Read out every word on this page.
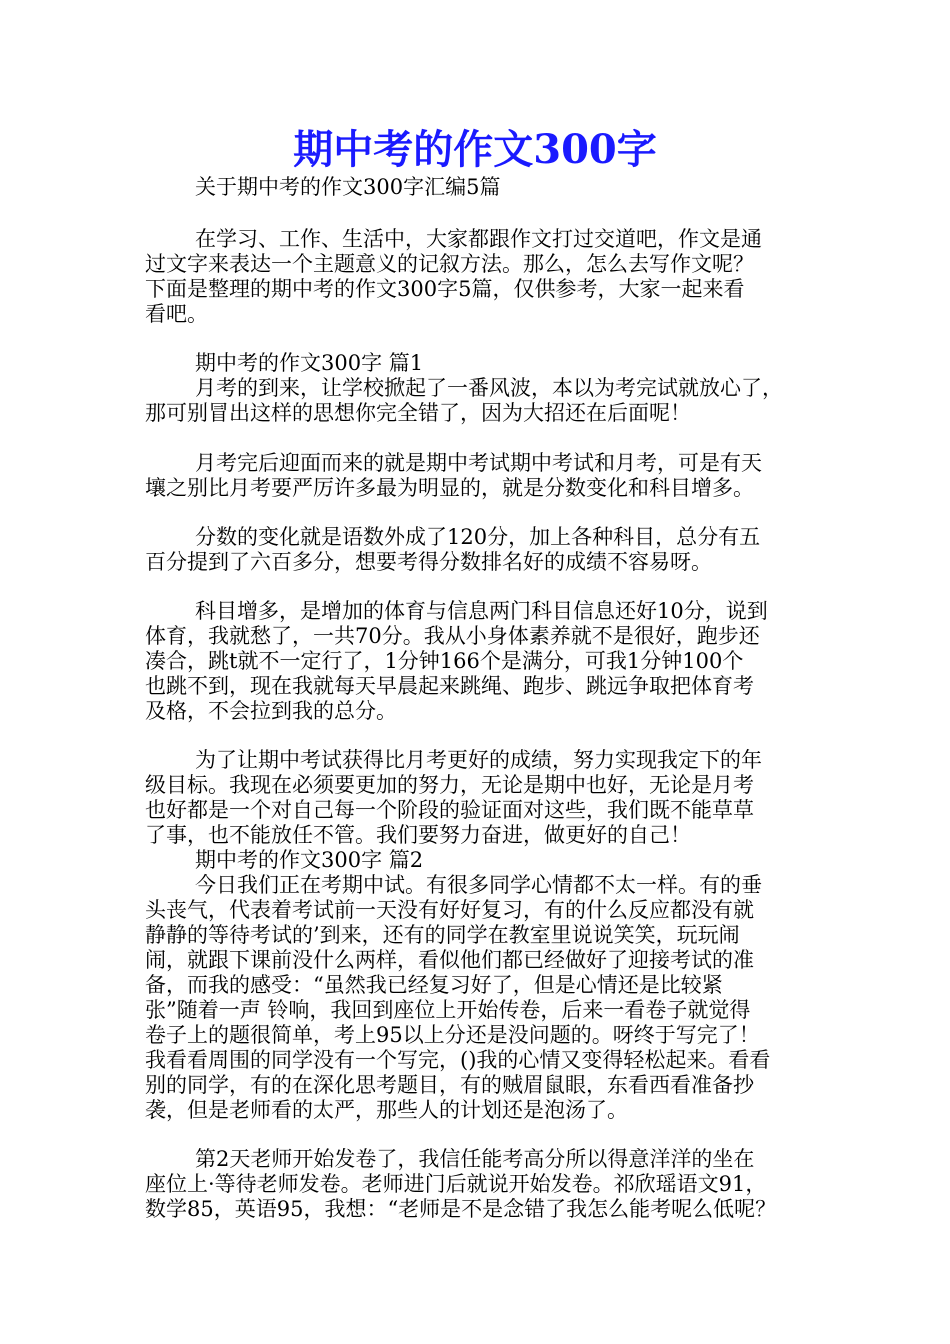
期中考的作文300字
关于期中考的作文300字汇编5篇
在学习、工作、生活中，大家都跟作文打过交道吧，作文是通
过文字来表达一个主题意义的记叙方法。那么，怎么去写作文呢？
下面是整理的期中考的作文300字5篇，仅供参考，大家一起来看
看吧。
期中考的作文300字 篇1
月考的到来，让学校掀起了一番风波，本以为考完试就放心了，
那可别冒出这样的思想你完全错了，因为大招还在后面呢！
月考完后迎面而来的就是期中考试期中考试和月考，可是有天
壤之别比月考要严厉许多最为明显的，就是分数变化和科目增多。
分数的变化就是语数外成了120分，加上各种科目，总分有五
百分提到了六百多分，想要考得分数排名好的成绩不容易呀。
科目增多，是增加的体育与信息两门科目信息还好10分，说到
体育，我就愁了，一共70分。我从小身体素养就不是很好，跑步还
凑合，跳t就不一定行了，1分钟166个是满分，可我1分钟100个
也跳不到，现在我就每天早晨起来跳绳、跑步、跳远争取把体育考
及格，不会拉到我的总分。
为了让期中考试获得比月考更好的成绩，努力实现我定下的年
级目标。我现在必须要更加的努力，无论是期中也好，无论是月考
也好都是一个对自己每一个阶段的验证面对这些，我们既不能草草
了事，也不能放任不管。我们要努力奋进，做更好的自己！
期中考的作文300字 篇2
今日我们正在考期中试。有很多同学心情都不太一样。有的垂
头丧气，代表着考试前一天没有好好复习，有的什么反应都没有就
静静的等待考试的’到来，还有的同学在教室里说说笑笑，玩玩闹
闹，就跟下课前没什么两样，看似他们都已经做好了迎接考试的准
备，而我的感受：“虽然我已经复习好了，但是心情还是比较紧
张”随着一声 铃响，我回到座位上开始传卷，后来一看卷子就觉得
卷子上的题很简单，考上95以上分还是没问题的。呀终于写完了！
我看看周围的同学没有一个写完，()我的心情又变得轻松起来。看看
别的同学，有的在深化思考题目，有的贼眉鼠眼，东看西看准备抄
袭，但是老师看的太严，那些人的计划还是泡汤了。
第2天老师开始发卷了，我信任能考高分所以得意洋洋的坐在
座位上·等待老师发卷。老师进门后就说开始发卷。祁欣瑶语文91，
数学85，英语95，我想：“老师是不是念错了我怎么能考呢么低呢？
